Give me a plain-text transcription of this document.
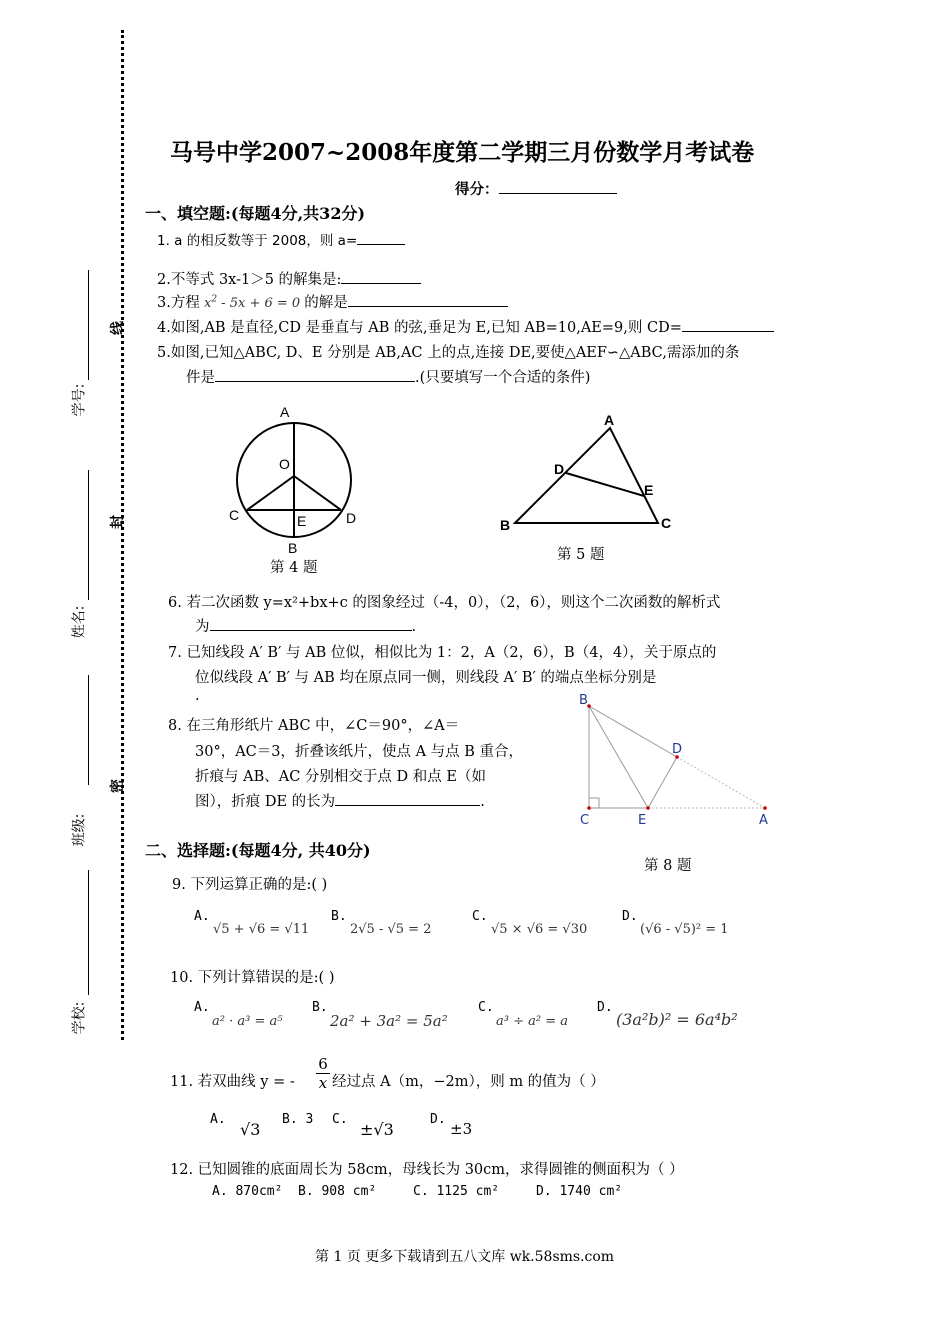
学号:
姓名:
班级:
学校:
线
封
密
马号中学2007~2008年度第二学期三月份数学月考试卷
得分：
一、填空题:(每题4分,共32分)
1. a 的相反数等于 2008，则 a=
2.不等式 3x-1＞5 的解集是:
3.方程 $x^2 - 5x + 6 = 0$ 的解是
4.如图,AB 是直径,CD 是垂直与 AB 的弦,垂足为 E,已知 AB=10,AE=9,则 CD=
5.如图,已知△ABC, D、E 分别是 AB,AC 上的点,连接 DE,要使△AEF∽△ABC,需添加的条
件是	.(只要填写一个合适的条件)
A
O
C	E	D
B
第 4 题
A
D
E
B	C
第 5 题
6. 若二次函数 y=x²+bx+c 的图象经过（-4，0），（2，6），则这个二次函数的解析式
为	.
7. 已知线段 A′ B′ 与 AB 位似，相似比为 1：2，A（2，6），B（4，4），关于原点的
位似线段 A′ B′ 与 AB 均在原点同一侧，则线段 A′ B′ 的端点坐标分别是
.
8. 在三角形纸片 ABC 中，∠C＝90°，∠A＝
30°，AC＝3，折叠该纸片，使点 A 与点 B 重合，
折痕与 AB、AC 分别相交于点 D 和点 E（如
图），折痕 DE 的长为	.
B
D
C	E	A
第 8 题
二、选择题:(每题4分, 共40分)
9. 下列运算正确的是:( )
A.
√5 + √6 = √11
B.
2√5 - √5 = 2
C.
√5 × √6 = √30
D.
(√6 - √5)² = 1
10. 下列计算错误的是:( )
A.
a² · a³ = a⁵
B.
2a² + 3a² = 5a²
C.
a³ ÷ a² = a
D.
(3a²b)² = 6a⁴b²
11. 若双曲线 y = - $\frac{6}{x}$ 经过点 A（m，−2m），则 m 的值为（ ）
A.
√3
B. 3 C.
±√3
D.
±3
12. 已知圆锥的底面周长为 58cm，母线长为 30cm，求得圆锥的侧面积为（ ）
A. 870cm² B. 908 cm²	C. 1125 cm²	D. 1740 cm²
第 1 页 更多下载请到五八文库 wk.58sms.com
